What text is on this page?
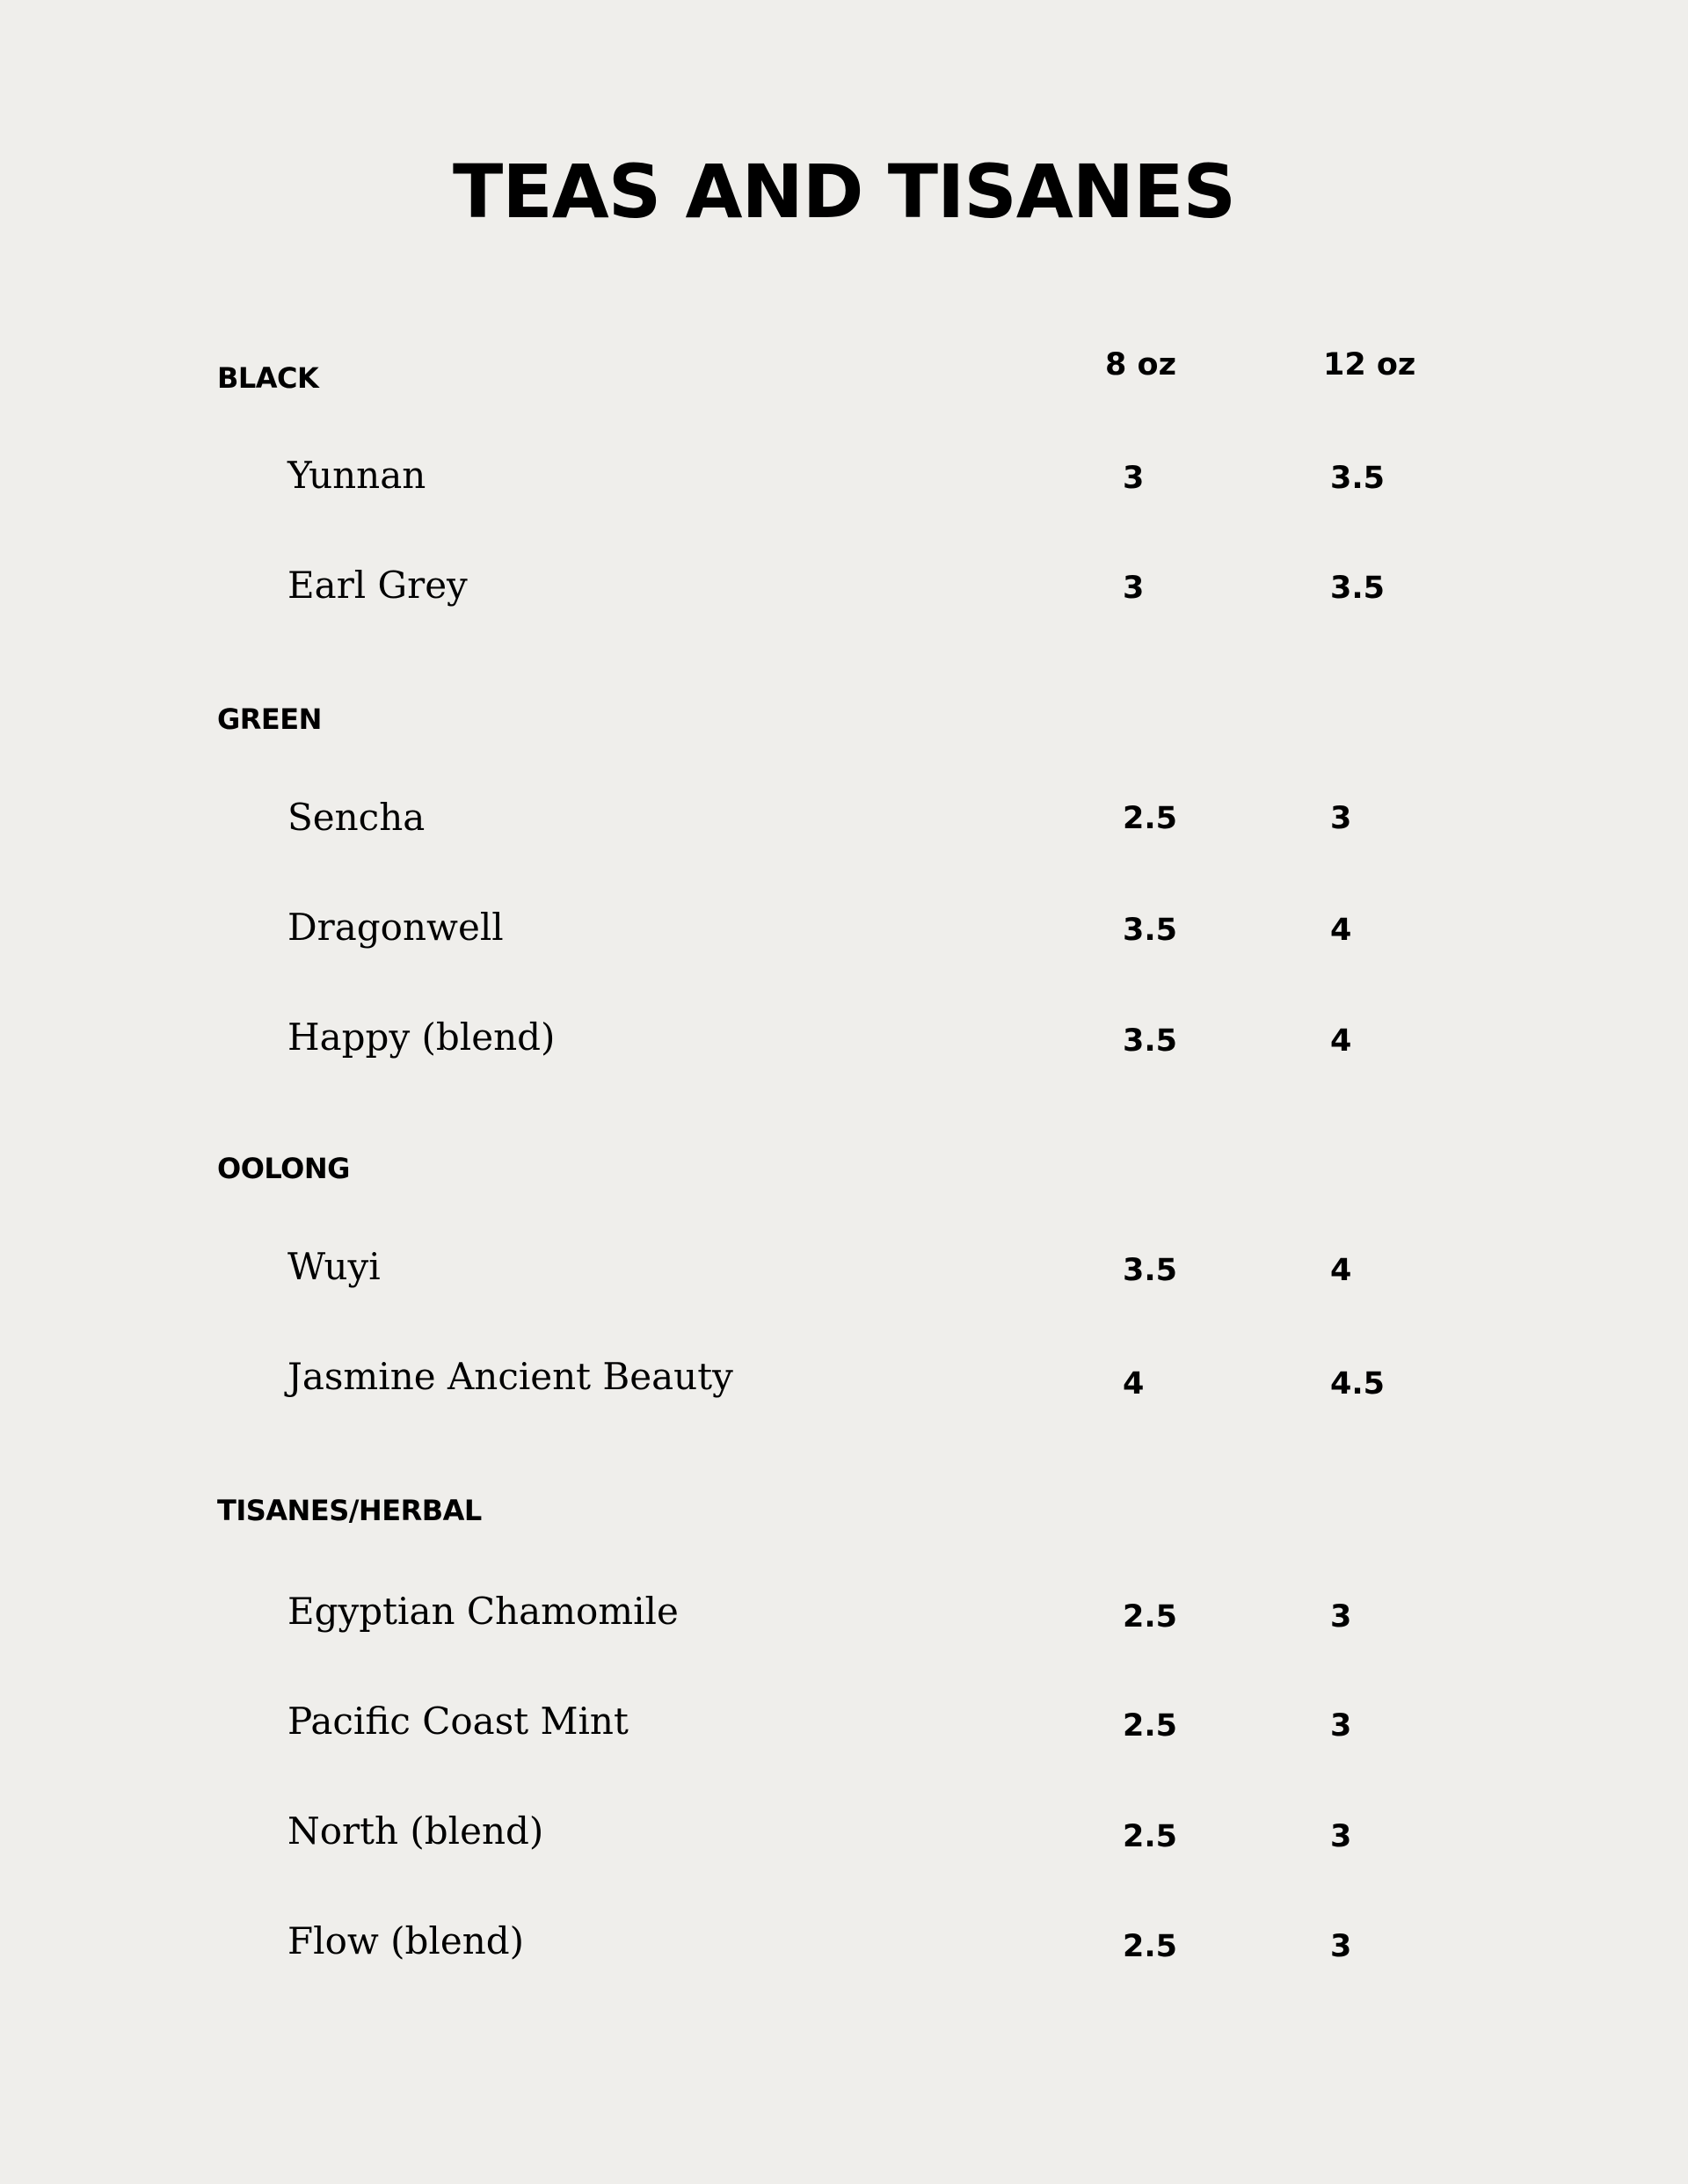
TEAS AND TISANES
8 oz	12 oz
BLACK
Yunnan	3	3.5
Earl Grey	3	3.5
GREEN
Sencha	2.5	3
Dragonwell	3.5	4
Happy (blend)	3.5	4
OOLONG
Wuyi	3.5	4
Jasmine Ancient Beauty	4	4.5
TISANES/HERBAL
Egyptian Chamomile	2.5	3
Pacific Coast Mint	2.5	3
North (blend)	2.5	3
Flow (blend)	2.5	3
